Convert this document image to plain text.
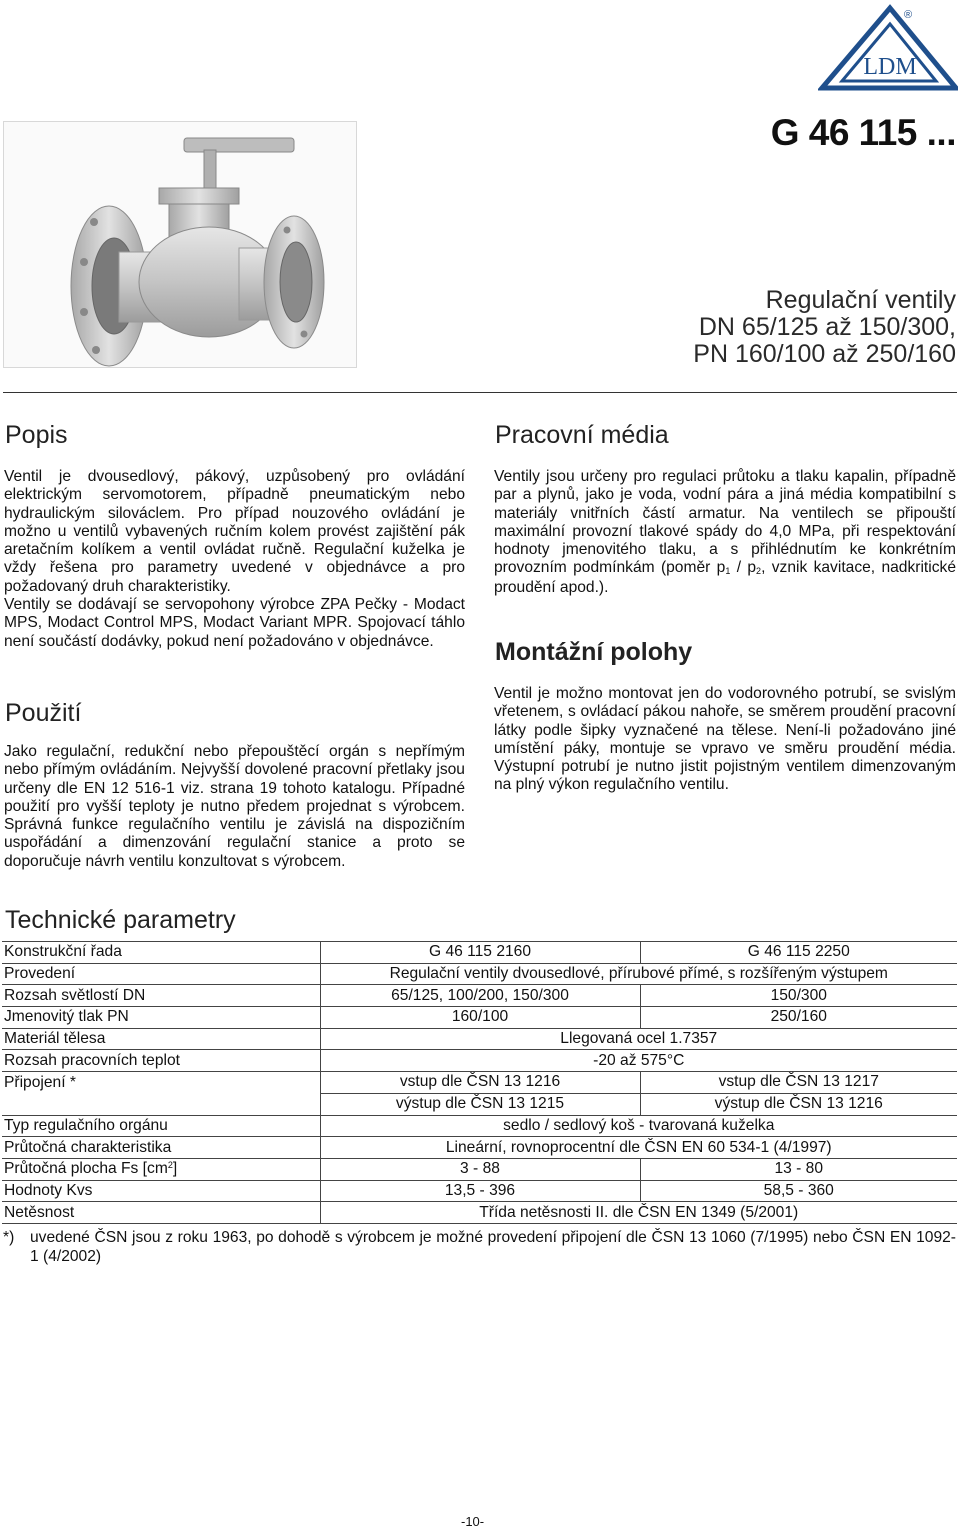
LDM
®
G 46 115 ...
Regulační ventily
DN 65/125 až 150/300,
PN 160/100 až 250/160
Popis

Ventil je dvousedlový, pákový, uzpůsobený pro ovládání elektrickým servomotorem, případně pneumatickým nebo hydraulickým silováclem. Pro případ nouzového ovládání je možno u ventilů vybavených ručním kolem provést zajištění pák aretačním kolíkem a ventil ovládat ručně. Regulační kuželka je vždy řešena pro parametry uvedené v objednávce a pro požadovaný druh charakteristiky.

Ventily se dodávají se servopohony výrobce ZPA Pečky - Modact MPS, Modact Control MPS, Modact Variant MPR. Spojovací táhlo není součástí dodávky, pokud není požadováno v objednávce.

Použití

Jako regulační, redukční nebo přepouštěcí orgán s nepřímým nebo přímým ovládáním. Nejvyšší dovolené pracovní přetlaky jsou určeny dle EN 12 516-1 viz. strana 19 tohoto katalogu. Případné použití pro vyšší teploty je nutno předem projednat s výrobcem. Správná funkce regulačního ventilu je závislá na dispozičním uspořádání a dimenzování regulační stanice a proto se doporučuje návrh ventilu konzultovat s výrobcem.

Pracovní média

Ventily jsou určeny pro regulaci průtoku a tlaku kapalin, případně par a plynů, jako je voda, vodní pára a jiná média kompatibilní s materiály vnitřních částí armatur. Na ventilech se připouští maximální provozní tlakové spády do 4,0 MPa, při respektování hodnoty jmenovitého tlaku, a s přihlédnutím ke konkrétním provozním podmínkám (poměr $p_1 / p_2$, vznik kavitace, nadkritické proudění apod.).

Montážní polohy

Ventil je možno montovat jen do vodorovného potrubí, se svislým vřetenem, s ovládací pákou nahoře, se směrem proudění pracovní látky podle šipky vyznačené na tělese. Není-li požadováno jiné umístění páky, montuje se vpravo ve směru proudění média. Výstupní potrubí je nutno jistit pojistným ventilem dimenzovaným na plný výkon regulačního ventilu.

Technické parametry
Konstrukční řada	G 46 115 2160	G 46 115 2250
Provedení	Regulační ventily dvousedlové, přírubové přímé, s rozšířeným výstupem	
Rozsah světlostí DN	65/125, 100/200, 150/300	150/300
Jmenovitý tlak PN	160/100	250/160
Materiál tělesa	Llegovaná ocel 1.7357	
Rozsah pracovních teplot	-20 až 575°C	
Připojení *	vstup dle ČSN 13 1216	vstup dle ČSN 13 1217
	výstup dle ČSN 13 1215	výstup dle ČSN 13 1216
Typ regulačního orgánu	sedlo / sedlový koš - tvarovaná kuželka	
Průtočná charakteristika	Lineární, rovnoprocentní dle ČSN EN 60 534-1 (4/1997)	
Průtočná plocha Fs $[cm^2]$	3 - 88	13 - 80
Hodnoty Kvs	13,5 - 396	58,5 - 360
Netěsnost	Třída netěsnosti II. dle ČSN EN 1349 (5/2001)	
*)	uvedené ČSN jsou z roku 1963, po dohodě s výrobcem je možné provedení připojení dle ČSN 13 1060 (7/1995) nebo ČSN EN 1092-1 (4/2002)
-10-
